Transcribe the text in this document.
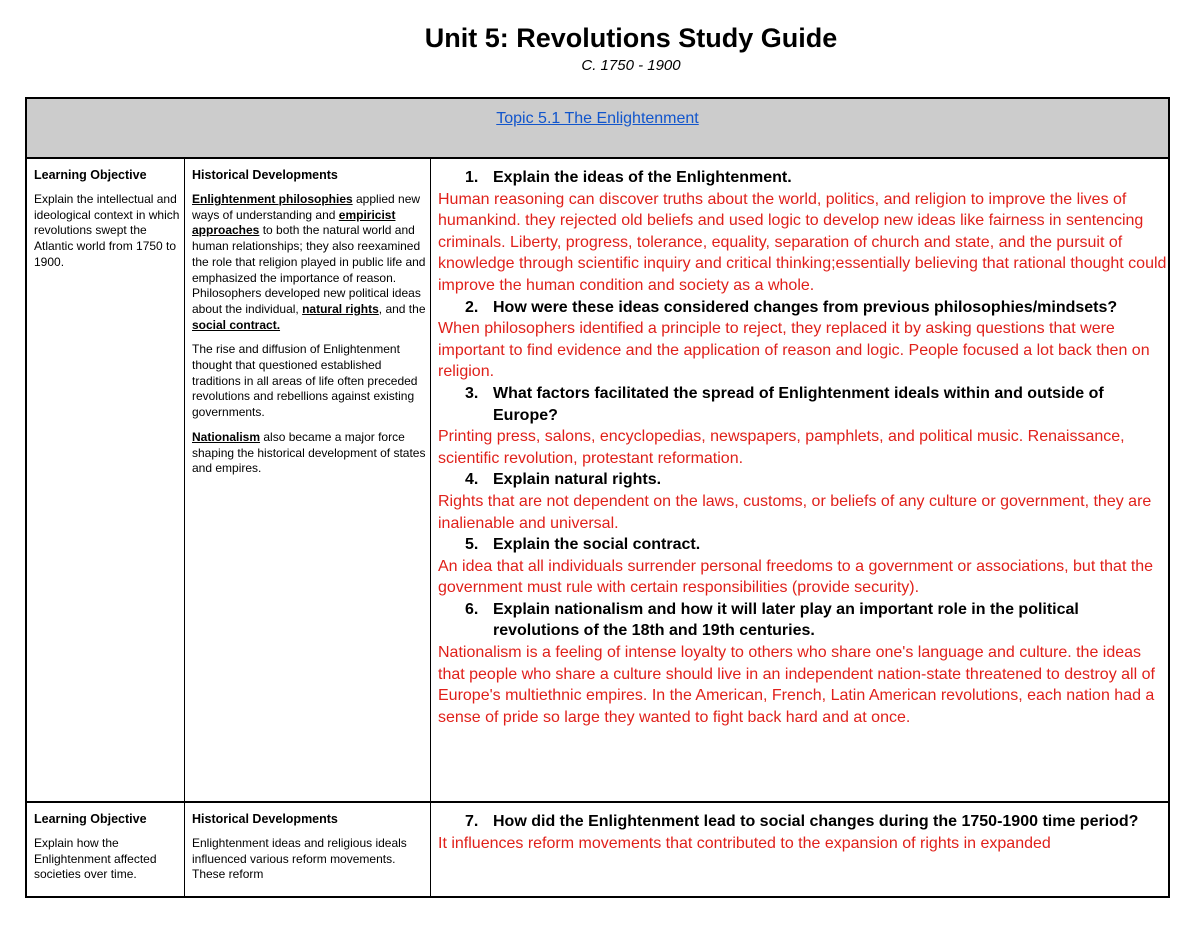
Unit 5: Revolutions Study Guide
C. 1750 - 1900
Topic 5.1 The Enlightenment

Learning Objective

Explain the intellectual and ideological context in which revolutions swept the Atlantic world from 1750 to 1900.

Historical Developments

Enlightenment philosophies applied new ways of understanding and empiricist approaches to both the natural world and human relationships; they also reexamined the role that religion played in public life and emphasized the importance of reason. Philosophers developed new political ideas about the individual, natural rights, and the social contract.

The rise and diffusion of Enlightenment thought that questioned established traditions in all areas of life often preceded revolutions and rebellions against existing governments.

Nationalism also became a major force shaping the historical development of states and empires.

1. Explain the ideas of the Enlightenment.
Human reasoning can discover truths about the world, politics, and religion to improve the lives of humankind. they rejected old beliefs and used logic to develop new ideas like fairness in sentencing criminals. Liberty, progress, tolerance, equality, separation of church and state, and the pursuit of knowledge through scientific inquiry and critical thinking;essentially believing that rational thought could improve the human condition and society as a whole.
2. How were these ideas considered changes from previous philosophies/mindsets?
When philosophers identified a principle to reject, they replaced it by asking questions that were important to find evidence and the application of reason and logic. People focused a lot back then on religion.
3. What factors facilitated the spread of Enlightenment ideals within and outside of Europe?
Printing press, salons, encyclopedias, newspapers, pamphlets, and political music. Renaissance, scientific revolution, protestant reformation.
4. Explain natural rights.
Rights that are not dependent on the laws, customs, or beliefs of any culture or government, they are inalienable and universal.
5. Explain the social contract.
An idea that all individuals surrender personal freedoms to a government or associations, but that the government must rule with certain responsibilities (provide security).
6. Explain nationalism and how it will later play an important role in the political revolutions of the 18th and 19th centuries.
Nationalism is a feeling of intense loyalty to others who share one's language and culture. the ideas that people who share a culture should live in an independent nation-state threatened to destroy all of Europe's multiethnic empires. In the American, French, Latin American revolutions, each nation had a sense of pride so large they wanted to fight back hard and at once.

Learning Objective

Explain how the Enlightenment affected societies over time.

Historical Developments

Enlightenment ideas and religious ideals influenced various reform movements. These reform

7. How did the Enlightenment lead to social changes during the 1750-1900 time period?
It influences reform movements that contributed to the expansion of rights in expanded
